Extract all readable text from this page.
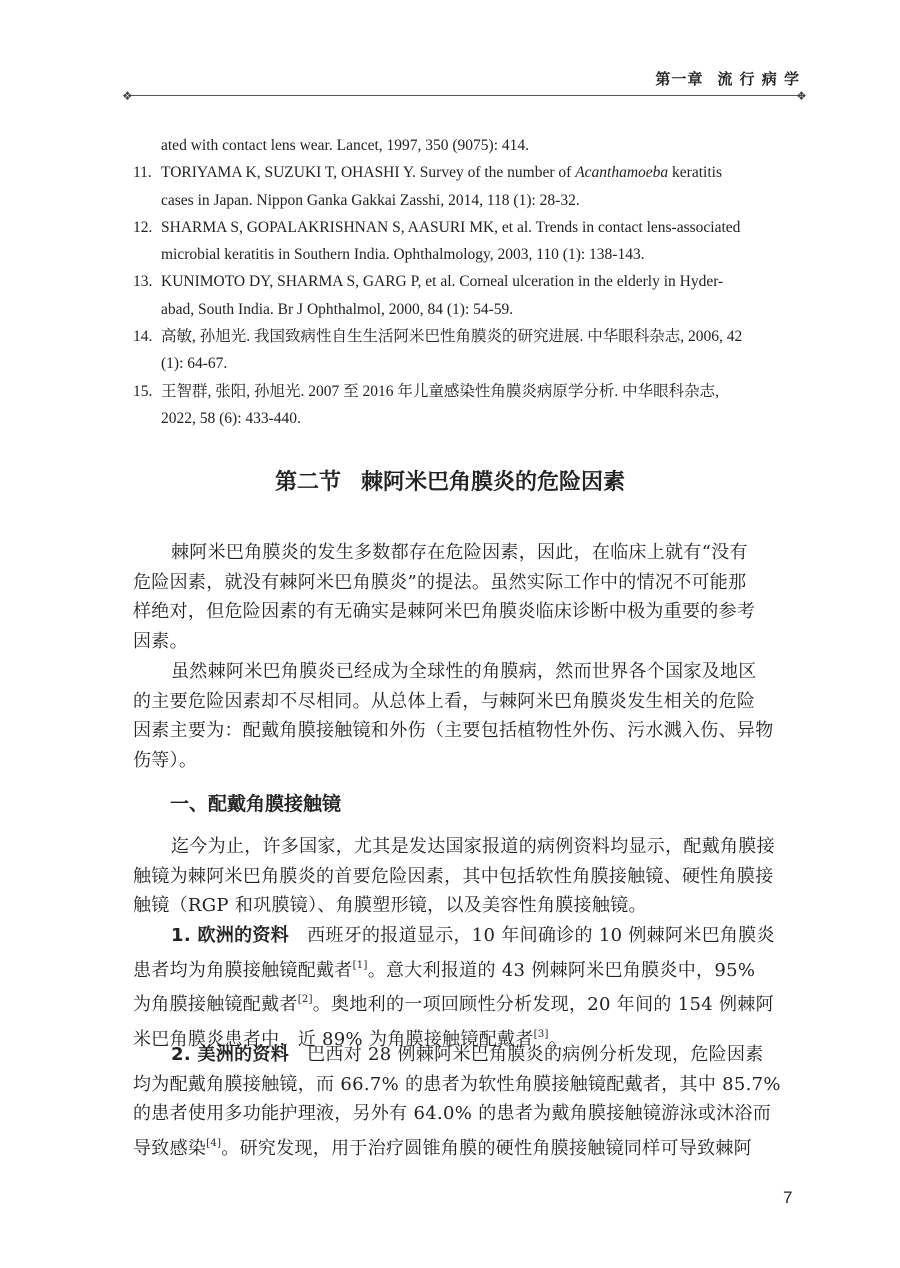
第一章 流 行 病 学
❖	❖
ated with contact lens wear. Lancet, 1997, 350 (9075): 414.
11. TORIYAMA K, SUZUKI T, OHASHI Y. Survey of the number of Acanthamoeba keratitis
cases in Japan. Nippon Ganka Gakkai Zasshi, 2014, 118 (1): 28-32.
12. SHARMA S, GOPALAKRISHNAN S, AASURI MK, et al. Trends in contact lens-associated
microbial keratitis in Southern India. Ophthalmology, 2003, 110 (1): 138-143.
13. KUNIMOTO DY, SHARMA S, GARG P, et al. Corneal ulceration in the elderly in Hyder-
abad, South India. Br J Ophthalmol, 2000, 84 (1): 54-59.
14. 高敏, 孙旭光. 我国致病性自生生活阿米巴性角膜炎的研究进展. 中华眼科杂志, 2006, 42
(1): 64-67.
15. 王智群, 张阳, 孙旭光. 2007 至 2016 年儿童感染性角膜炎病原学分析. 中华眼科杂志,
2022, 58 (6): 433-440.
第二节 棘阿米巴角膜炎的危险因素
棘阿米巴角膜炎的发生多数都存在危险因素，因此，在临床上就有“没有
危险因素，就没有棘阿米巴角膜炎”的提法。虽然实际工作中的情况不可能那
样绝对，但危险因素的有无确实是棘阿米巴角膜炎临床诊断中极为重要的参考
因素。
虽然棘阿米巴角膜炎已经成为全球性的角膜病，然而世界各个国家及地区
的主要危险因素却不尽相同。从总体上看，与棘阿米巴角膜炎发生相关的危险
因素主要为：配戴角膜接触镜和外伤（主要包括植物性外伤、污水溅入伤、异物
伤等）。
一、配戴角膜接触镜
迄今为止，许多国家，尤其是发达国家报道的病例资料均显示，配戴角膜接
触镜为棘阿米巴角膜炎的首要危险因素，其中包括软性角膜接触镜、硬性角膜接
触镜（RGP 和巩膜镜）、角膜塑形镜，以及美容性角膜接触镜。
1. 欧洲的资料 西班牙的报道显示，10 年间确诊的 10 例棘阿米巴角膜炎
患者均为角膜接触镜配戴者[1]。意大利报道的 43 例棘阿米巴角膜炎中，95%
为角膜接触镜配戴者[2]。奥地利的一项回顾性分析发现，20 年间的 154 例棘阿
米巴角膜炎患者中，近 89% 为角膜接触镜配戴者[3]。
2. 美洲的资料 巴西对 28 例棘阿米巴角膜炎的病例分析发现，危险因素
均为配戴角膜接触镜，而 66.7% 的患者为软性角膜接触镜配戴者，其中 85.7%
的患者使用多功能护理液，另外有 64.0% 的患者为戴角膜接触镜游泳或沐浴而
导致感染[4]。研究发现，用于治疗圆锥角膜的硬性角膜接触镜同样可导致棘阿
7
